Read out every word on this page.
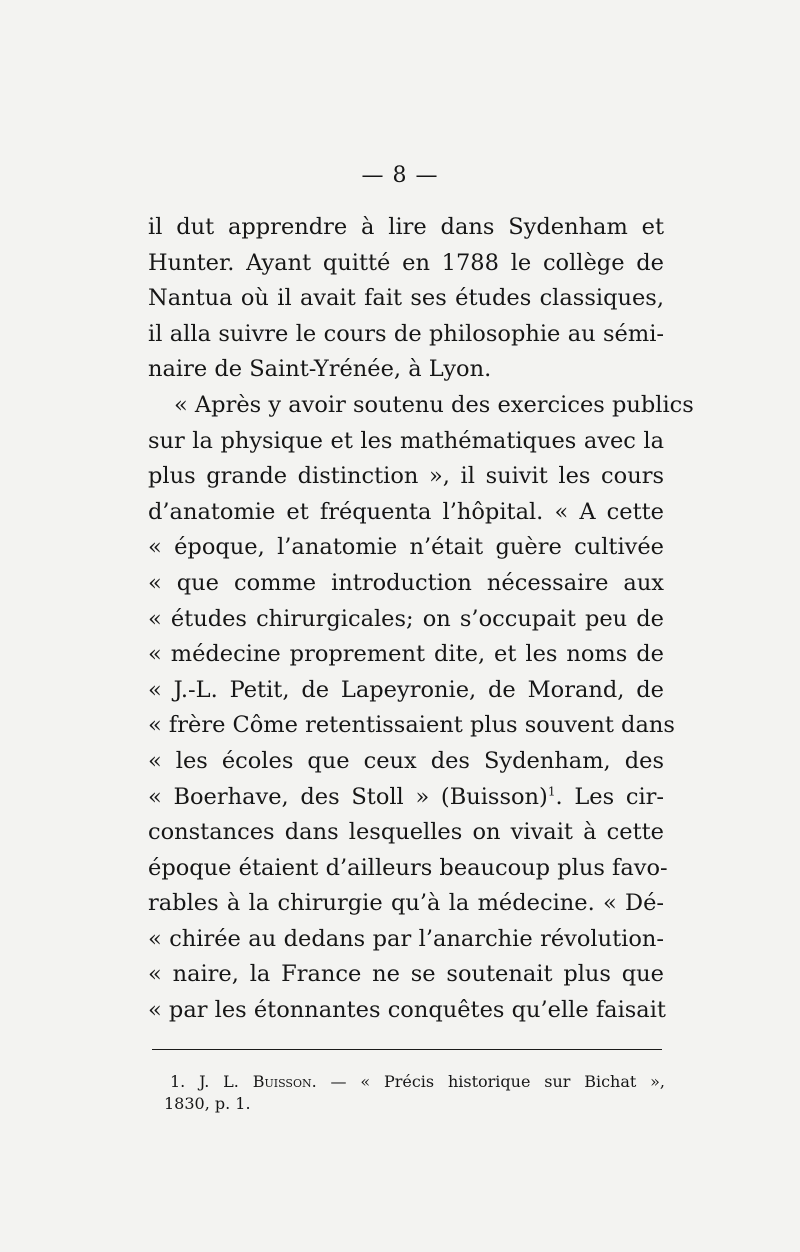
— 8 —
il dut apprendre à lire dans Sydenham et
Hunter. Ayant quitté en 1788 le collège de
Nantua où il avait fait ses études classiques,
il alla suivre le cours de philosophie au sémi-
naire de Saint-Yrénée, à Lyon.
« Après y avoir soutenu des exercices publics
sur la physique et les mathématiques avec la
plus grande distinction », il suivit les cours
d’anatomie et fréquenta l’hôpital. « A cette
« époque, l’anatomie n’était guère cultivée
« que comme introduction nécessaire aux
« études chirurgicales; on s’occupait peu de
« médecine proprement dite, et les noms de
« J.-L. Petit, de Lapeyronie, de Morand, de
« frère Côme retentissaient plus souvent dans
« les écoles que ceux des Sydenham, des
« Boerhave, des Stoll » (Buisson)$^1$. Les cir-
constances dans lesquelles on vivait à cette
époque étaient d’ailleurs beaucoup plus favo-
rables à la chirurgie qu’à la médecine. « Dé-
« chirée au dedans par l’anarchie révolution-
« naire, la France ne se soutenait plus que
« par les étonnantes conquêtes qu’elle faisait
1. J. L. Buisson. — « Précis historique sur Bichat »,
1830, p. 1.
